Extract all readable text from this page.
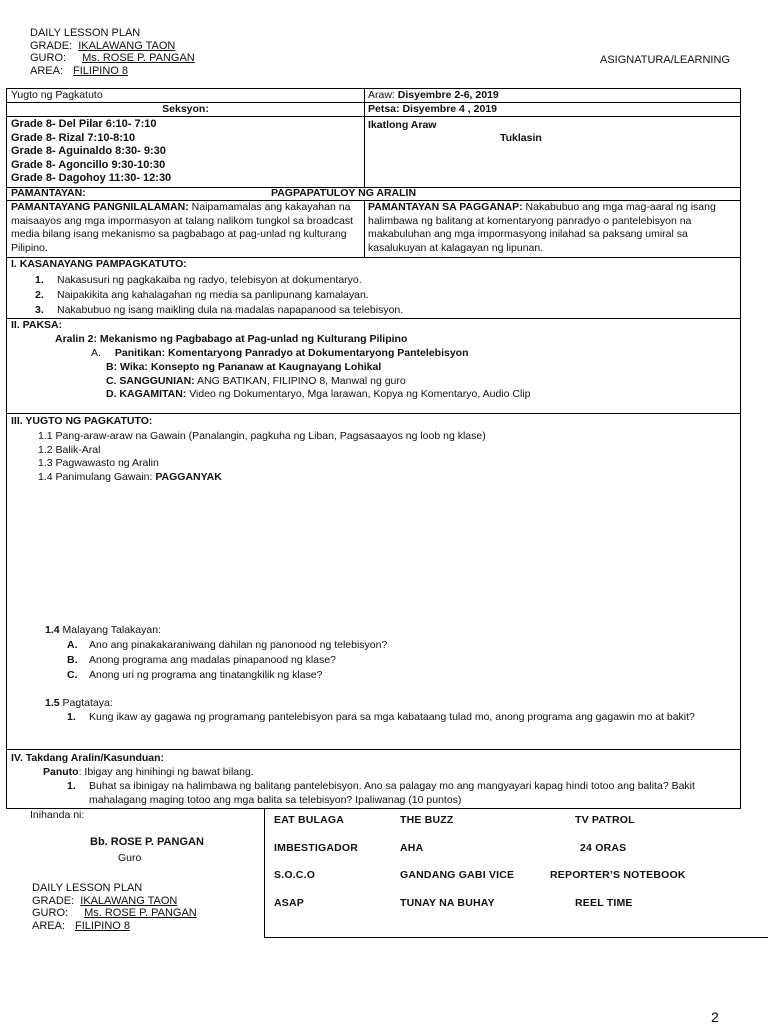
DAILY LESSON PLAN
GRADE: IKALAWANG TAON
GURO: Ms. ROSE P. PANGAN
AREA: FILIPINO 8
ASIGNATURA/LEARNING
Yugto ng Pagkatuto	Araw: Disyembre 2-6, 2019
Seksyon:	Petsa: Disyembre 4 , 2019
Grade 8- Del Pilar 6:10- 7:10
Grade 8- Rizal 7:10-8:10
Grade 8- Aguinaldo 8:30- 9:30
Grade 8- Agoncillo 9:30-10:30
Grade 8- Dagohoy 11:30- 12:30
Ikatlong Araw
Tuklasin
PAMANTAYAN:	PAGPAPATULOY NG ARALIN
PAMANTAYANG PANGNILALAMAN: Naipamamalas ang kakayahan na maisaayos ang mga impormasyon at talang nalikom tungkol sa broadcast media bilang isang mekanismo sa pagbabago at pag-unlad ng kulturang Pilipino.
PAMANTAYAN SA PAGGANAP: Nakabubuo ang mga mag-aaral ng isang halimbawa ng balitang at komentaryong panradyo o pantelebisyon na makabuluhan ang mga impormasyong inilahad sa paksang umiral sa kasalukuyan at kalagayan ng lipunan.
I. KASANAYANG PAMPAGKATUTO:
1. Nakasusuri ng pagkakaiba ng radyo, telebisyon at dokumentaryo.
2. Naipakikita ang kahalagahan ng media sa panlipunang kamalayan.
3. Nakabubuo ng isang maikling dula na madalas napapanood sa telebisyon.
II. PAKSA:
Aralin 2: Mekanismo ng Pagbabago at Pag-unlad ng Kulturang Pilipino
A. Panitikan: Komentaryong Panradyo at Dokumentaryong Pantelebisyon
B: Wika: Konsepto ng Pananaw at Kaugnayang Lohikal
C. SANGGUNIAN: ANG BATIKAN, FILIPINO 8, Manwal ng guro
D. KAGAMITAN: Video ng Dokumentaryo, Mga larawan, Kopya ng Komentaryo, Audio Clip
III. YUGTO NG PAGKATUTO:
1.1 Pang-araw-araw na Gawain (Panalangin, pagkuha ng Liban, Pagsasaayos ng loob ng klase)
1.2 Balik-Aral
1.3 Pagwawasto ng Aralin
1.4 Panimulang Gawain: PAGGANYAK
1.4 Malayang Talakayan:
A. Ano ang pinakakaraniwang dahilan ng panonood ng telebisyon?
B. Anong programa ang madalas pinapanood ng klase?
C. Anong uri ng programa ang tinatangkilik ng klase?
1.5 Pagtataya:
1. Kung ikaw ay gagawa ng programang pantelebisyon para sa mga kabataang tulad mo, anong programa ang gagawin mo at bakit?
IV. Takdang Aralin/Kasunduan:
Panuto: Ibigay ang hinihingi ng bawat bilang.
1. Buhat sa ibinigay na halimbawa ng balitang pantelebisyon. Ano sa palagay mo ang mangyayari kapag hindi totoo ang balita? Bakit mahalagang maging totoo ang mga balita sa telebisyon? Ipaliwanag (10 puntos)
Inihanda ni:
Bb. ROSE P. PANGAN
Guro
EAT BULAGA	THE BUZZ	TV PATROL
IMBESTIGADOR	AHA	24 ORAS
S.O.C.O	GANDANG GABI VICE	REPORTER’S NOTEBOOK
ASAP	TUNAY NA BUHAY	REEL TIME
DAILY LESSON PLAN
GRADE: IKALAWANG TAON
GURO: Ms. ROSE P. PANGAN
AREA: FILIPINO 8
2
